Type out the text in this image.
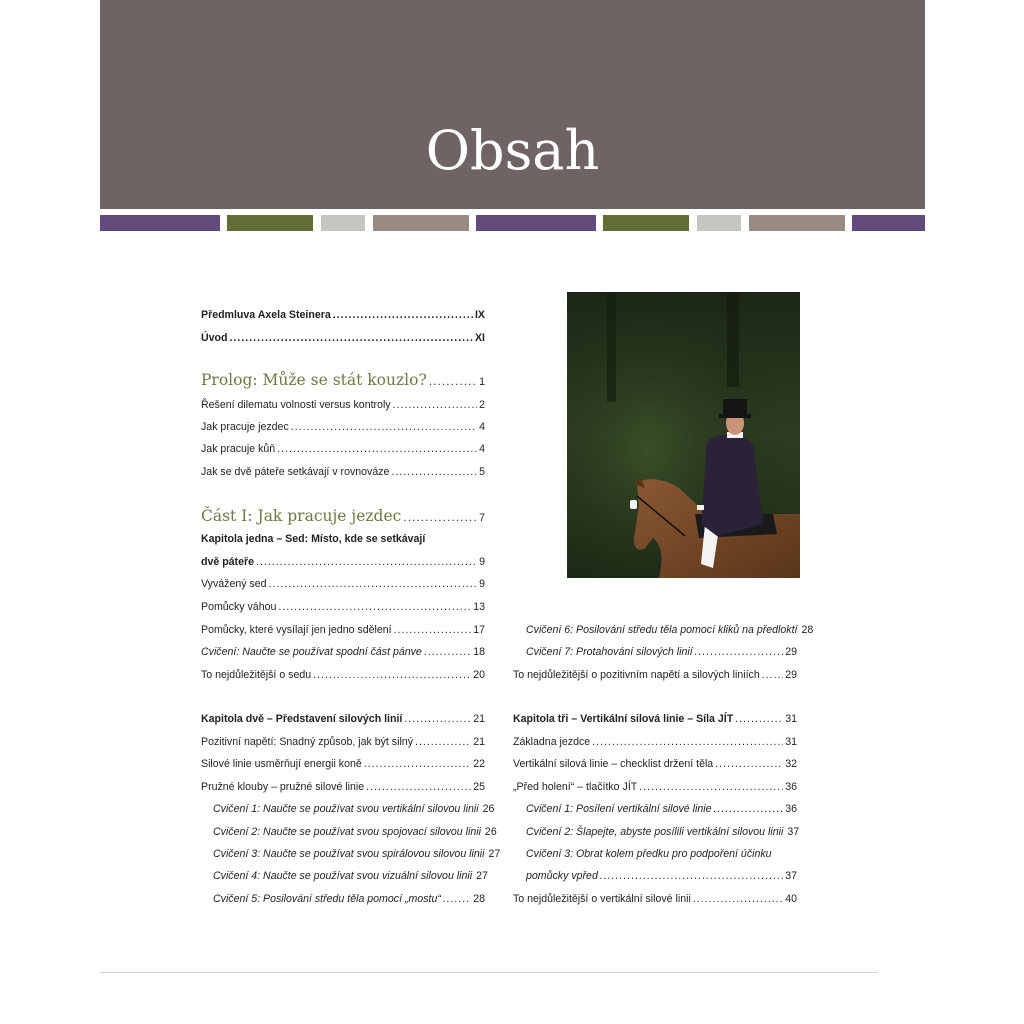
Obsah
Předmluva Axela Steinera .....	IX
Úvod .....	XI
Prolog: Může se stát kouzlo? .....	1
Řešení dilematu volnosti versus kontroly .....	2
Jak pracuje jezdec .....	4
Jak pracuje kůň .....	4
Jak se dvě páteře setkávají v rovnováze .....	5
Část I: Jak pracuje jezdec .....	7
Kapitola jedna – Sed: Místo, kde se setkávají
dvě páteře .....	9
Vyvážený sed .....	9
Pomůcky váhou .....	13
Pomůcky, které vysílají jen jedno sdělení .....	17
Cvičení: Naučte se používat spodní část pánve .....	18
To nejdůležitější o sedu .....	20
Kapitola dvě – Představení silových linií .....	21
Pozitivní napětí: Snadný způsob, jak být silný .....	21
Silové linie usměrňují energii koně .....	22
Pružné klouby – pružné silové linie .....	25
Cvičení 1: Naučte se používat svou vertikální silovou linii 26
Cvičení 2: Naučte se používat svou spojovací silovou linii 26
Cvičení 3: Naučte se používat svou spirálovou silovou linii 27
Cvičení 4: Naučte se používat svou vizuální silovou linii 27
Cvičení 5: Posilování středu těla pomocí „mostu“ .....	28
Cvičení 6: Posilování středu těla pomocí kliků na předloktí 28
Cvičení 7: Protahování silových linií .....	29
To nejdůležitější o pozitivním napětí a silových liniích ..... 29
Kapitola tři – Vertikální silová linie – Síla JÍT .....	31
Základna jezdce .....	31
Vertikální silová linie – checklist držení těla .....	32
„Před holení“ – tlačítko JÍT .....	36
Cvičení 1: Posílení vertikální silové linie .....	36
Cvičení 2: Šlapejte, abyste posílili vertikální silovou linii 37
Cvičení 3: Obrat kolem předku pro podpoření účinku
pomůcky vpřed .....	37
To nejdůležitější o vertikální silové linii .....	40
